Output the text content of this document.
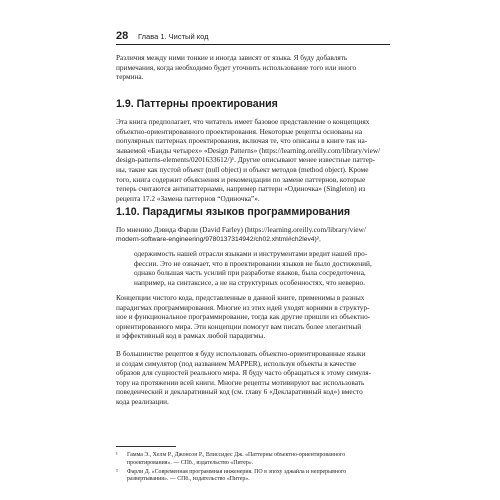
28 Глава 1. Чистый код
Различия между ними тонкие и иногда зависят от языка. Я буду добавлять
примечания, когда необходимо будет уточнить использование того или иного
термина.
1.9. Паттерны проектирования
Эта книга предполагает, что читатель имеет базовое представление о концепциях
объектно-ориентированного проектирования. Некоторые рецепты основаны на
популярных паттернах проектирования, включая те, что описаны в книге так на-
зываемой «Банды четырех» «Design Patterns» (https://learning.oreilly.com/library/view/
design-patterns-elements/0201633612/)¹. Другие описывают менее известные паттер-
ны, такие как пустой объект (null object) и объект методов (method object). Кроме
того, книга содержит объяснения и рекомендации по замене паттернов, которые
теперь считаются антипаттернами, например паттерн «Одиночка» (Singleton) из
рецепта 17.2 «Замена паттернов “Одиночка”».
1.10. Парадигмы языков программирования
По мнению Дэвида Фарли (David Farley) (https://learning.oreilly.com/library/view/
modern-software-engineering/9780137314942/ch02.xhtml#ch2lev4)²,
одержимость нашей отрасли языками и инструментами вредит нашей про-
фессии. Это не означает, что в проектировании языков не было достижений,
однако большая часть усилий при разработке языков, была сосредоточена,
например, на синтаксисе, а не на структурных особенностях, что неверно.
Концепции чистого кода, представленные в данной книге, применимы в разных
парадигмах программирования. Многие из этих идей уходят корнями в структур-
ное и функциональное программирование, тогда как другие пришли из объектно-
ориентированного мира. Эти концепции помогут вам писать более элегантный
и эффективный код в рамках любой парадигмы.
В большинстве рецептов я буду использовать объектно-ориентированные языки
и создам симулятор (под названием MAPPER), используя объекты в качестве
образов для сущностей реального мира. Я буду часто обращаться к этому симуля-
тору на протяжении всей книги. Многие рецепты мотивируют вас использовать
поведенческий и декларативный код (см. главу 6 «Декларативный код») вместо
кода реализации.
¹ Гамма Э., Хелм Р., Джонсон Р., Влиссидес Дж. «Паттерны объектно-ориентированного
проектирования». — СПб., издательство «Питер».
² Фарли Д. «Современная программная инженерия. ПО в эпоху эджайла и непрерывного
развертывания». — СПб., издательство «Питер».
